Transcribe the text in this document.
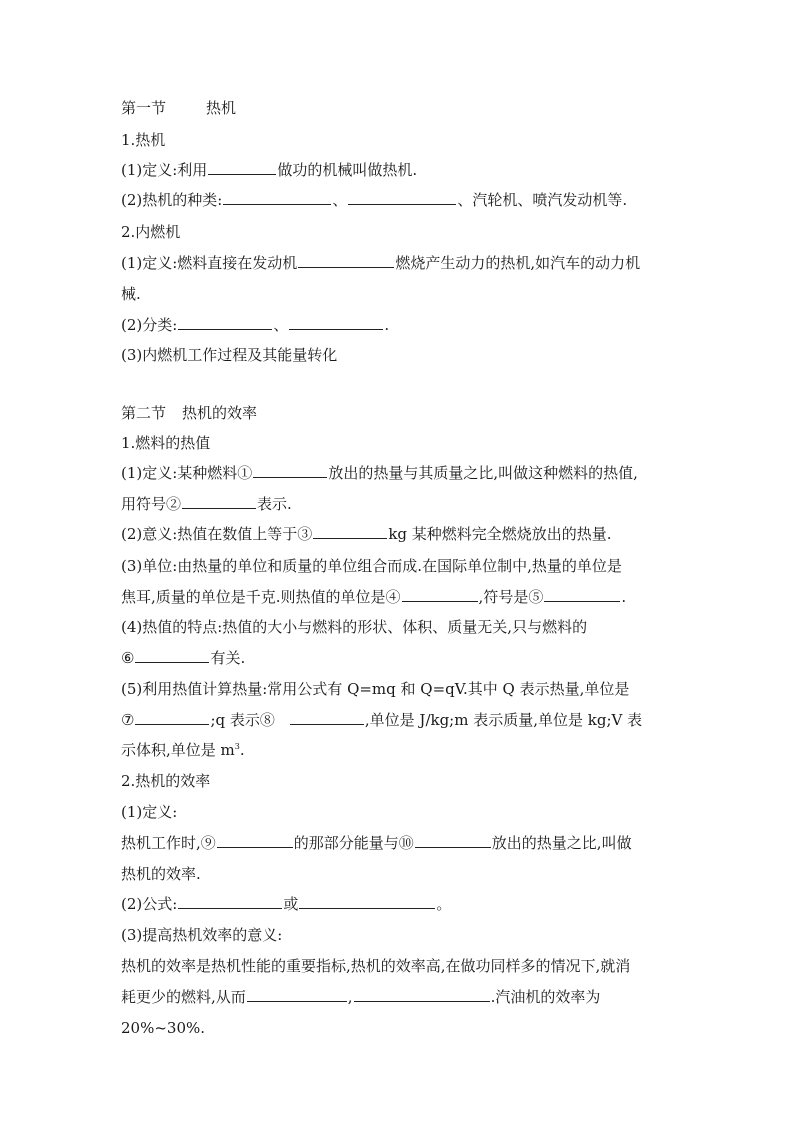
第一节	热机
1.热机
(1)定义:利用	做功的机械叫做热机.
(2)热机的种类:	、	、汽轮机、喷汽发动机等.
2.内燃机
(1)定义:燃料直接在发动机	燃烧产生动力的热机,如汽车的动力机
械.
(2)分类:	、	.
(3)内燃机工作过程及其能量转化
第二节 热机的效率
1.燃料的热值
(1)定义:某种燃料①	放出的热量与其质量之比,叫做这种燃料的热值,
用符号②	表示.
(2)意义:热值在数值上等于③	kg 某种燃料完全燃烧放出的热量.
(3)单位:由热量的单位和质量的单位组合而成.在国际单位制中,热量的单位是
焦耳,质量的单位是千克.则热值的单位是④	,符号是⑤	.
(4)热值的特点:热值的大小与燃料的形状、体积、质量无关,只与燃料的
⑥	有关.
(5)利用热值计算热量:常用公式有 Q=mq 和 Q=qV.其中 Q 表示热量,单位是
⑦	;q 表示⑧	,单位是 J/kg;m 表示质量,单位是 kg;V 表
示体积,单位是 $m^3$.
2.热机的效率
(1)定义:
热机工作时,⑨	的那部分能量与⑩	放出的热量之比,叫做
热机的效率.
(2)公式:	或	。
(3)提高热机效率的意义:
热机的效率是热机性能的重要指标,热机的效率高,在做功同样多的情况下,就消
耗更少的燃料,从而	,	.汽油机的效率为
20%~30%.
